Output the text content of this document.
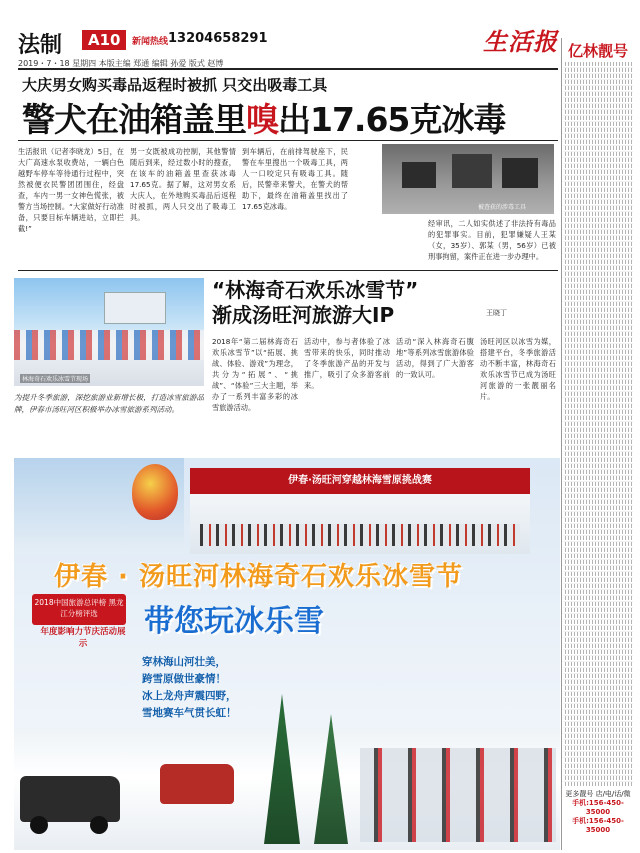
法制	A10	新闻热线 13204658291	生活报
2019・7・18 星期四 本版主编 郑通 编辑 孙爱 版式 赵博
大庆男女购买毒品返程时被抓 只交出吸毒工具
警犬在油箱盖里嗅出17.65克冰毒
生活报讯（记者李晓龙）5日，在大广高速水泵收费站，一辆白色越野车停车等待通行过程中，突然被便衣民警团团围住，经盘查，车内一男一女神色慌张，被警方当场控制。“大家做好行动准备，只要目标车辆进站，立即拦截!”
男一女既被成功控制，其他警情随后到来，经过数小时的搜查，在该车的油箱盖里查获冰毒17.65克。据了解，这对男女系大庆人，在外地购买毒品后返程时被抓，两人只交出了吸毒工具。
到车辆后，在前排驾驶座下，民警在车里搜出一个吸毒工具，两人一口咬定只有吸毒工具。随后，民警牵来警犬，在警犬的帮助下，最终在油箱盖里找出了17.65克冰毒。	被查获的涉毒工具
经审讯，二人如实供述了非法持有毒品的犯罪事实。目前，犯罪嫌疑人王某（女，35岁）、郭某（男，56岁）已被刑事拘留，案件正在进一步办理中。
林海奇石欢乐冰雪节现场
“林海奇石欢乐冰雪节”
渐成汤旺河旅游大IP	王晓丁
为提升冬季旅游，深挖旅游业新增长极，打造冰雪旅游品牌，伊春市汤旺河区积极举办冰雪旅游系列活动。
2018年“第二届林海奇石欢乐冰雪节”以“拓展、挑战、体验、游戏”为理念，共分为“拓展”、“挑战”、“体验”三大主题，举办了一系列丰富多彩的冰雪旅游活动。
活动中，参与者体验了冰雪带来的快乐，同时推动了冬季旅游产品的开发与推广，吸引了众多游客前来。
活动“深入林海奇石腹地”等系列冰雪旅游体验活动，得到了广大游客的一致认可。
汤旺河区以冰雪为媒，搭建平台，冬季旅游活动不断丰富，林海奇石欢乐冰雪节已成为汤旺河旅游的一张靓丽名片。
伊春·汤旺河穿越林海雪原挑战赛
伊春 · 汤旺河林海奇石欢乐冰雪节
带您玩冰乐雪
2018中国旅游总评榜 黑龙江分榜评选
年度影响力节庆活动展示
穿林海山河壮美，
跨雪原做世豪情！
冰上龙舟声震四野，
雪地赛车气贯长虹！
亿林靓号
更多靓号 店/电/话/微
手机:156-450-35000
手机:156-450-35000
